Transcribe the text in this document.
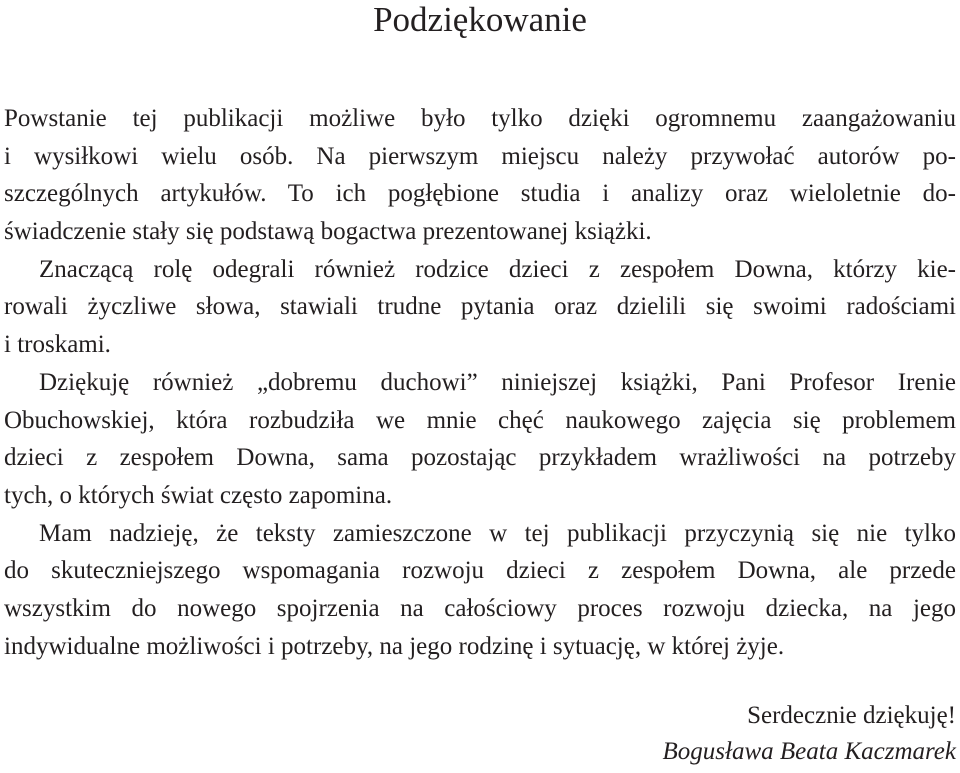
Podziękowanie
Powstanie tej publikacji możliwe było tylko dzięki ogromnemu zaangażowaniu
i wysiłkowi wielu osób. Na pierwszym miejscu należy przywołać autorów po-
szczególnych artykułów. To ich pogłębione studia i analizy oraz wieloletnie do-
świadczenie stały się podstawą bogactwa prezentowanej książki.
Znaczącą rolę odegrali również rodzice dzieci z zespołem Downa, którzy kie-
rowali życzliwe słowa, stawiali trudne pytania oraz dzielili się swoimi radościami
i troskami.
Dziękuję również „dobremu duchowi” niniejszej książki, Pani Profesor Irenie
Obuchowskiej, która rozbudziła we mnie chęć naukowego zajęcia się problemem
dzieci z zespołem Downa, sama pozostając przykładem wrażliwości na potrzeby
tych, o których świat często zapomina.
Mam nadzieję, że teksty zamieszczone w tej publikacji przyczynią się nie tylko
do skuteczniejszego wspomagania rozwoju dzieci z zespołem Downa, ale przede
wszystkim do nowego spojrzenia na całościowy proces rozwoju dziecka, na jego
indywidualne możliwości i potrzeby, na jego rodzinę i sytuację, w której żyje.
Serdecznie dziękuję!
Bogusława Beata Kaczmarek
